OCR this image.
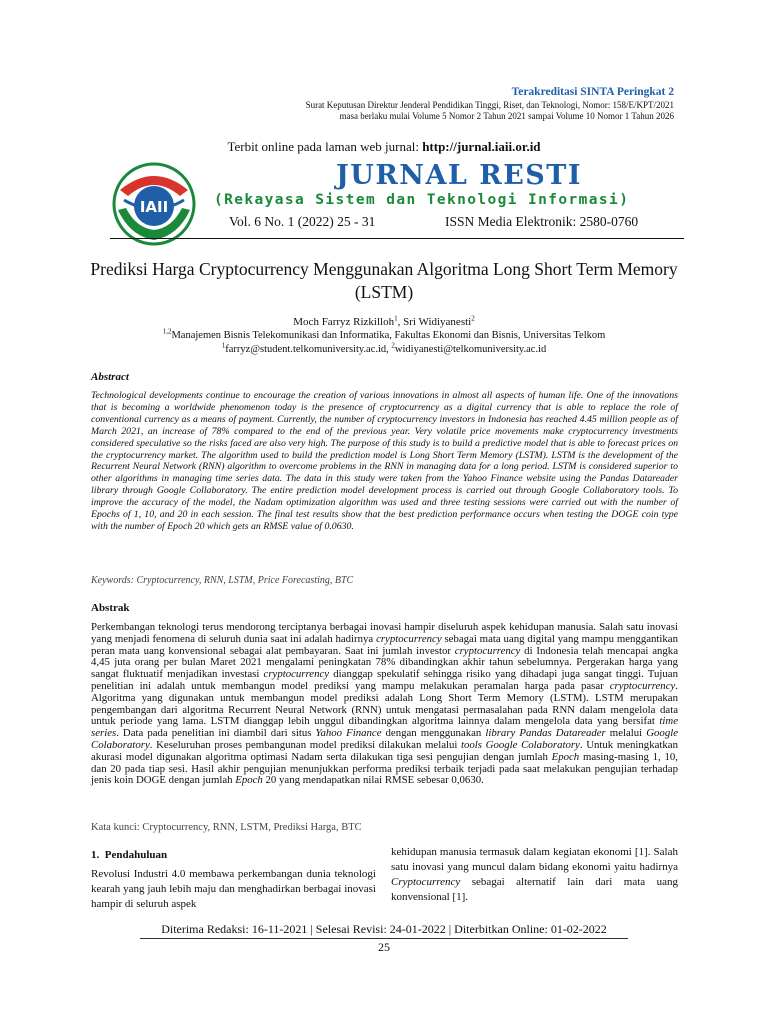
Terakreditasi SINTA Peringkat 2
Surat Keputusan Direktur Jenderal Pendidikan Tinggi, Riset, dan Teknologi, Nomor: 158/E/KPT/2021
masa berlaku mulai Volume 5 Nomor 2 Tahun 2021 sampai Volume 10 Nomor 1 Tahun 2026
Terbit online pada laman web jurnal: http://jurnal.iaii.or.id
IAII
JURNAL RESTI
(Rekayasa Sistem dan Teknologi Informasi)
Vol. 6 No. 1 (2022) 25 - 31	ISSN Media Elektronik: 2580-0760
Prediksi Harga Cryptocurrency Menggunakan Algoritma Long Short Term Memory (LSTM)
Moch Farryz Rizkilloh$^1$, Sri Widiyanesti$^2$
$^{1,2}$Manajemen Bisnis Telekomunikasi dan Informatika, Fakultas Ekonomi dan Bisnis, Universitas Telkom
$^1$farryz@student.telkomuniversity.ac.id, $^2$widiyanesti@telkomuniversity.ac.id
Abstract
Technological developments continue to encourage the creation of various innovations in almost all aspects of human life. One of the innovations that is becoming a worldwide phenomenon today is the presence of cryptocurrency as a digital currency that is able to replace the role of conventional currency as a means of payment. Currently, the number of cryptocurrency investors in Indonesia has reached 4.45 million people as of March 2021, an increase of 78% compared to the end of the previous year. Very volatile price movements make cryptocurrency investments considered speculative so the risks faced are also very high. The purpose of this study is to build a predictive model that is able to forecast prices on the cryptocurrency market. The algorithm used to build the prediction model is Long Short Term Memory (LSTM). LSTM is the development of the Recurrent Neural Network (RNN) algorithm to overcome problems in the RNN in managing data for a long period. LSTM is considered superior to other algorithms in managing time series data. The data in this study were taken from the Yahoo Finance website using the Pandas Datareader library through Google Collaboratory. The entire prediction model development process is carried out through Google Collaboratory tools. To improve the accuracy of the model, the Nadam optimization algorithm was used and three testing sessions were carried out with the number of Epochs of 1, 10, and 20 in each session. The final test results show that the best prediction performance occurs when testing the DOGE coin type with the number of Epoch 20 which gets an RMSE value of 0.0630.
Keywords: Cryptocurrency, RNN, LSTM, Price Forecasting, BTC
Abstrak
Perkembangan teknologi terus mendorong terciptanya berbagai inovasi hampir diseluruh aspek kehidupan manusia. Salah satu inovasi yang menjadi fenomena di seluruh dunia saat ini adalah hadirnya cryptocurrency sebagai mata uang digital yang mampu menggantikan peran mata uang konvensional sebagai alat pembayaran. Saat ini jumlah investor cryptocurrency di Indonesia telah mencapai angka 4,45 juta orang per bulan Maret 2021 mengalami peningkatan 78% dibandingkan akhir tahun sebelumnya. Pergerakan harga yang sangat fluktuatif menjadikan investasi cryptocurrency dianggap spekulatif sehingga risiko yang dihadapi juga sangat tinggi. Tujuan penelitian ini adalah untuk membangun model prediksi yang mampu melakukan peramalan harga pada pasar cryptocurrency. Algoritma yang digunakan untuk membangun model prediksi adalah Long Short Term Memory (LSTM). LSTM merupakan pengembangan dari algoritma Recurrent Neural Network (RNN) untuk mengatasi permasalahan pada RNN dalam mengelola data untuk periode yang lama. LSTM dianggap lebih unggul dibandingkan algoritma lainnya dalam mengelola data yang bersifat time series. Data pada penelitian ini diambil dari situs Yahoo Finance dengan menggunakan library Pandas Datareader melalui Google Colaboratory. Keseluruhan proses pembangunan model prediksi dilakukan melalui tools Google Colaboratory. Untuk meningkatkan akurasi model digunakan algoritma optimasi Nadam serta dilakukan tiga sesi pengujian dengan jumlah Epoch masing-masing 1, 10, dan 20 pada tiap sesi. Hasil akhir pengujian menunjukkan performa prediksi terbaik terjadi pada saat melakukan pengujian terhadap jenis koin DOGE dengan jumlah Epoch 20 yang mendapatkan nilai RMSE sebesar 0,0630.
Kata kunci: Cryptocurrency, RNN, LSTM, Prediksi Harga, BTC
1.  Pendahuluan
Revolusi Industri 4.0 membawa perkembangan dunia teknologi kearah yang jauh lebih maju dan menghadirkan berbagai inovasi hampir di seluruh aspek
kehidupan manusia termasuk dalam kegiatan ekonomi [1]. Salah satu inovasi yang muncul dalam bidang ekonomi yaitu hadirnya Cryptocurrency sebagai alternatif lain dari mata uang konvensional [1].
Diterima Redaksi: 16-11-2021 | Selesai Revisi: 24-01-2022 | Diterbitkan Online: 01-02-2022
25
